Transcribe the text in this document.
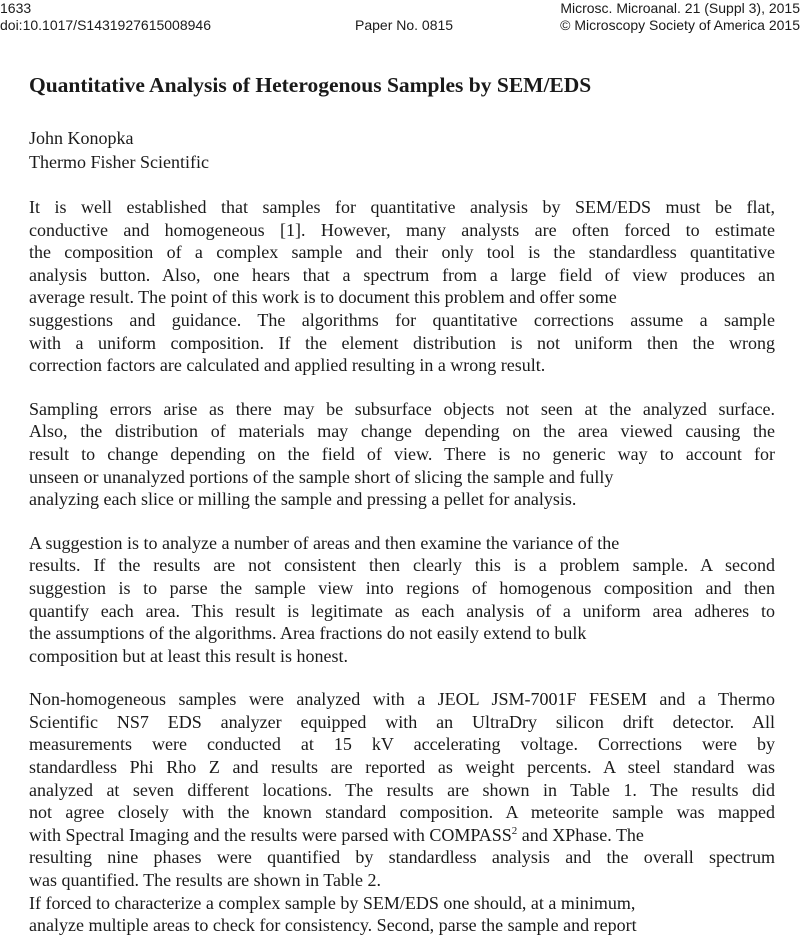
1633
doi:10.1017/S1431927615008946	Paper No. 0815
Microsc. Microanal. 21 (Suppl 3), 2015
© Microscopy Society of America 2015
Quantitative Analysis of Heterogenous Samples by SEM/EDS

John Konopka

Thermo Fisher Scientific

It is well established that samples for quantitative analysis by SEM/EDS must be flat,
conductive and homogeneous [1]. However, many analysts are often forced to estimate
the composition of a complex sample and their only tool is the standardless quantitative
analysis button. Also, one hears that a spectrum from a large field of view produces an
average result. The point of this work is to document this problem and offer some
suggestions and guidance. The algorithms for quantitative corrections assume a sample
with a uniform composition. If the element distribution is not uniform then the wrong
correction factors are calculated and applied resulting in a wrong result.
Sampling errors arise as there may be subsurface objects not seen at the analyzed surface.
Also, the distribution of materials may change depending on the area viewed causing the
result to change depending on the field of view. There is no generic way to account for
unseen or unanalyzed portions of the sample short of slicing the sample and fully
analyzing each slice or milling the sample and pressing a pellet for analysis.
A suggestion is to analyze a number of areas and then examine the variance of the
results. If the results are not consistent then clearly this is a problem sample. A second
suggestion is to parse the sample view into regions of homogenous composition and then
quantify each area. This result is legitimate as each analysis of a uniform area adheres to
the assumptions of the algorithms. Area fractions do not easily extend to bulk
composition but at least this result is honest.
Non-homogeneous samples were analyzed with a JEOL JSM-7001F FESEM and a Thermo
Scientific NS7 EDS analyzer equipped with an UltraDry silicon drift detector. All
measurements were conducted at 15 kV accelerating voltage. Corrections were by
standardless Phi Rho Z and results are reported as weight percents. A steel standard was
analyzed at seven different locations. The results are shown in Table 1. The results did
not agree closely with the known standard composition. A meteorite sample was mapped
with Spectral Imaging and the results were parsed with COMPASS$^2$ and XPhase. The
resulting nine phases were quantified by standardless analysis and the overall spectrum
was quantified. The results are shown in Table 2.
If forced to characterize a complex sample by SEM/EDS one should, at a minimum,
analyze multiple areas to check for consistency. Second, parse the sample and report
